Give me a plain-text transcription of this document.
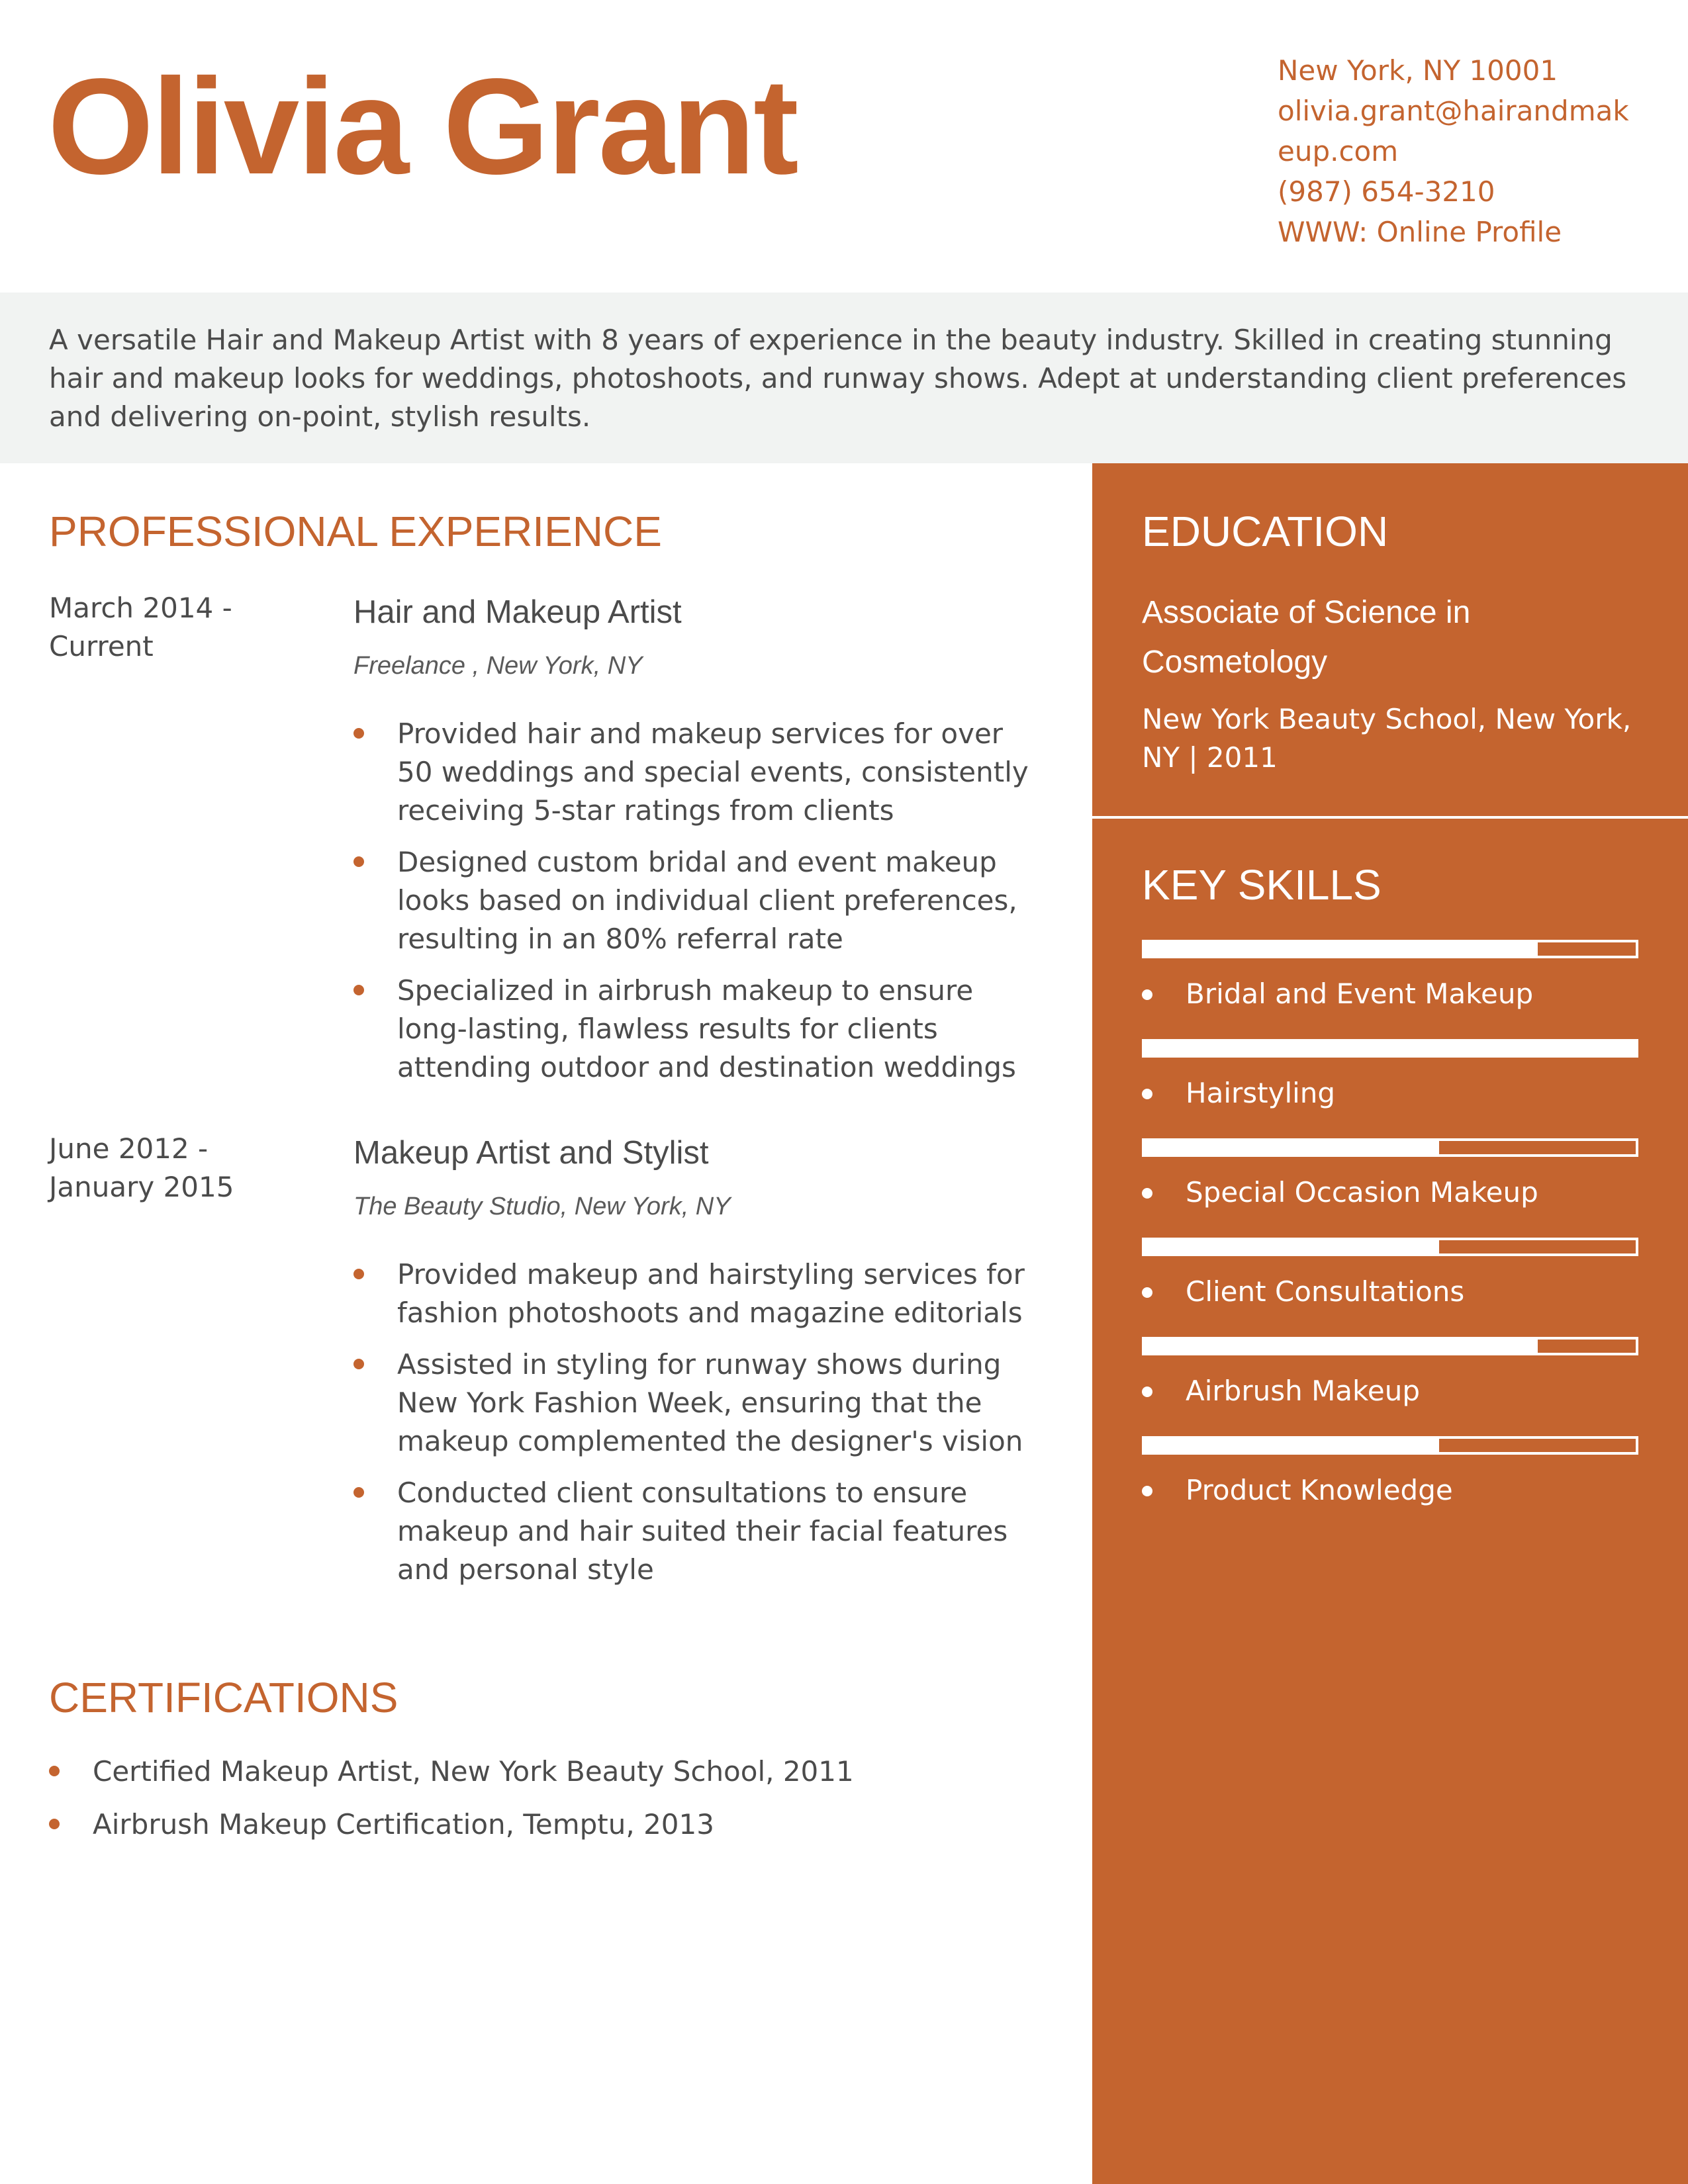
Olivia Grant	New York, NY 10001
olivia.grant@hairandmak
eup.com
(987) 654-3210
WWW: Online Profile
A versatile Hair and Makeup Artist with 8 years of experience in the beauty industry. Skilled in creating stunning hair and makeup looks for weddings, photoshoots, and runway shows. Adept at understanding client preferences and delivering on-point, stylish results.
EDUCATION
Associate of Science in Cosmetology
New York Beauty School, New York, NY | 2011
KEY SKILLS
Bridal and Event Makeup
Hairstyling
Special Occasion Makeup
Client Consultations
Airbrush Makeup
Product Knowledge
PROFESSIONAL EXPERIENCE
March 2014 -
Current
Hair and Makeup Artist
Freelance , New York, NY
Provided hair and makeup services for over 50 weddings and special events, consistently receiving 5-star ratings from clients
Designed custom bridal and event makeup looks based on individual client preferences, resulting in an 80% referral rate
Specialized in airbrush makeup to ensure long-lasting, flawless results for clients attending outdoor and destination weddings
June 2012 -
January 2015
Makeup Artist and Stylist
The Beauty Studio, New York, NY
Provided makeup and hairstyling services for fashion photoshoots and magazine editorials
Assisted in styling for runway shows during New York Fashion Week, ensuring that the makeup complemented the designer's vision
Conducted client consultations to ensure makeup and hair suited their facial features and personal style
CERTIFICATIONS
Certified Makeup Artist, New York Beauty School, 2011
Airbrush Makeup Certification, Temptu, 2013
